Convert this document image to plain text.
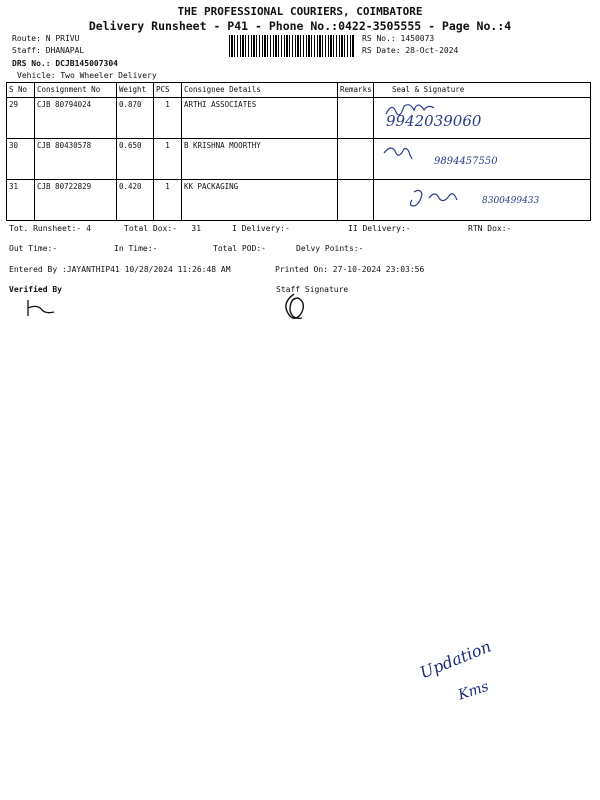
THE PROFESSIONAL COURIERS, COIMBATORE
Delivery Runsheet - P41 - Phone No.:0422-3505555 - Page No.:4
Route: N PRIVU
Staff: DHANAPAL
DRS No.: DCJB145007304
Vehicle: Two Wheeler Delivery
RS No.: 1450073
RS Date: 28-Oct-2024
S No	Consignment No	Weight	PCS	Consignee Details	Remarks	Seal & Signature
29	CJB 80794024	0.870	1	ARTHI ASSOCIATES		9942039060

30	CJB 80430578	0.650	1	B KRISHNA MOORTHY		9894457550

31	CJB 80722829	0.420	1	KK PACKAGING		8300499433
Tot. Runsheet:- 4	Total Dox:-   31	I Delivery:-	II Delivery:-	RTN Dox:-
Out Time:-	In Time:-	Total POD:-	Delvy Points:-
Entered By :JAYANTHIP41 10/28/2024 11:26:48 AM	Printed On: 27-10-2024 23:03:56
Verified By	Staff Signature
Updation
Kms
